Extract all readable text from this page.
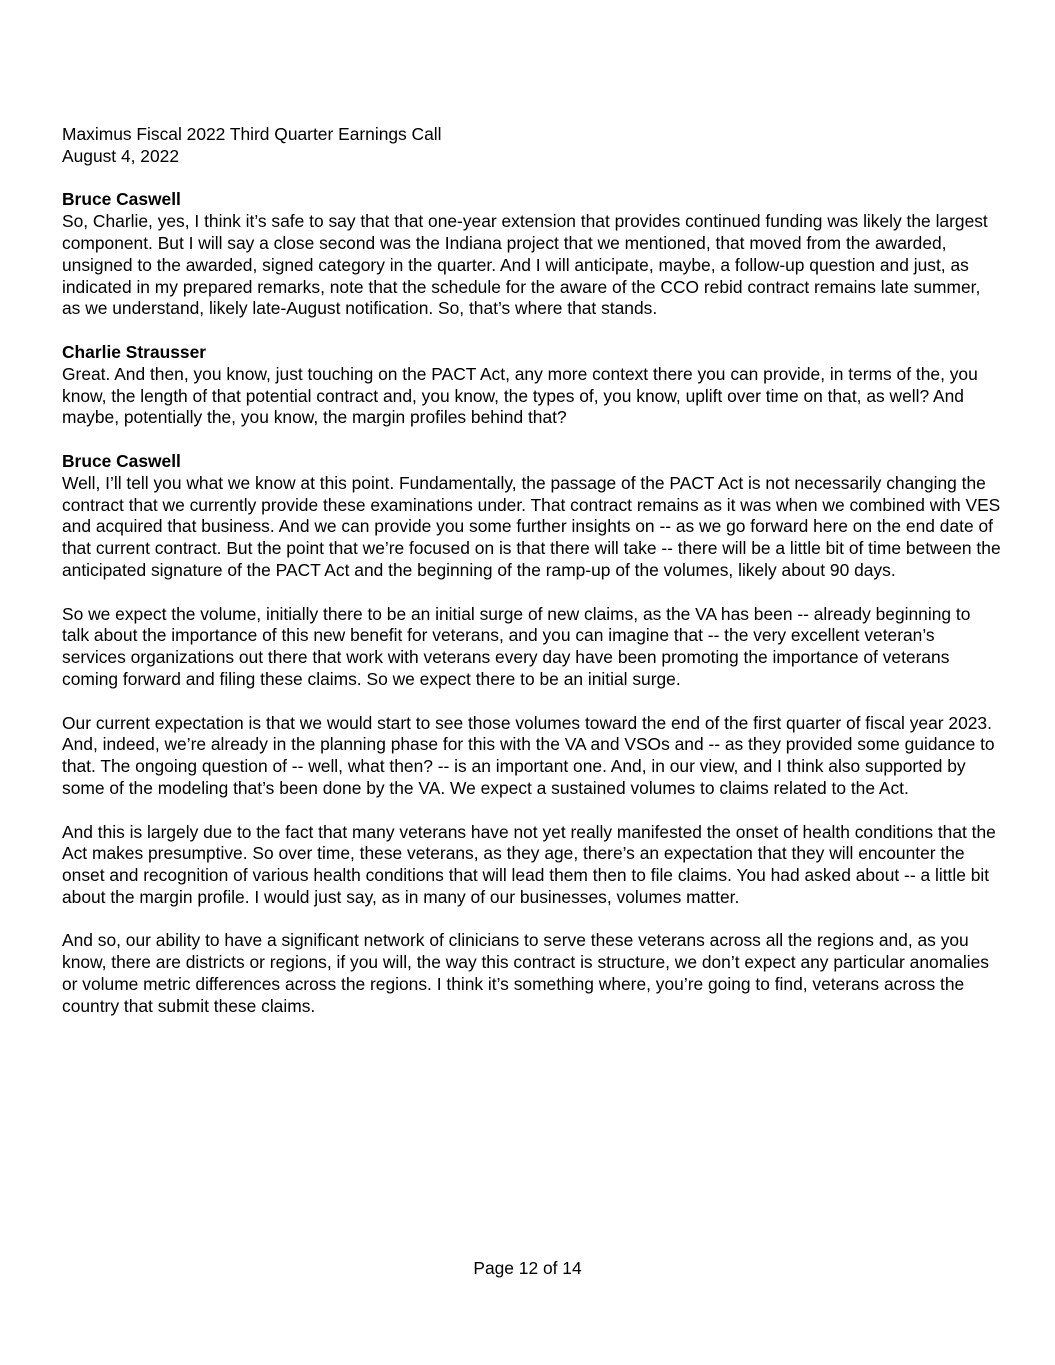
Maximus Fiscal 2022 Third Quarter Earnings Call
August 4, 2022
Bruce Caswell

So, Charlie, yes, I think it’s safe to say that that one-year extension that provides continued funding was likely the largest component. But I will say a close second was the Indiana project that we mentioned, that moved from the awarded, unsigned to the awarded, signed category in the quarter. And I will anticipate, maybe, a follow-up question and just, as indicated in my prepared remarks, note that the schedule for the aware of the CCO rebid contract remains late summer, as we understand, likely late-August notification. So, that’s where that stands.

Charlie Strausser

Great. And then, you know, just touching on the PACT Act, any more context there you can provide, in terms of the, you know, the length of that potential contract and, you know, the types of, you know, uplift over time on that, as well? And maybe, potentially the, you know, the margin profiles behind that?

Bruce Caswell

Well, I’ll tell you what we know at this point. Fundamentally, the passage of the PACT Act is not necessarily changing the contract that we currently provide these examinations under. That contract remains as it was when we combined with VES and acquired that business. And we can provide you some further insights on -- as we go forward here on the end date of that current contract. But the point that we’re focused on is that there will take -- there will be a little bit of time between the anticipated signature of the PACT Act and the beginning of the ramp-up of the volumes, likely about 90 days.

So we expect the volume, initially there to be an initial surge of new claims, as the VA has been -- already beginning to talk about the importance of this new benefit for veterans, and you can imagine that -- the very excellent veteran’s services organizations out there that work with veterans every day have been promoting the importance of veterans coming forward and filing these claims. So we expect there to be an initial surge.

Our current expectation is that we would start to see those volumes toward the end of the first quarter of fiscal year 2023. And, indeed, we’re already in the planning phase for this with the VA and VSOs and -- as they provided some guidance to that. The ongoing question of -- well, what then? -- is an important one. And, in our view, and I think also supported by some of the modeling that’s been done by the VA. We expect a sustained volumes to claims related to the Act.

And this is largely due to the fact that many veterans have not yet really manifested the onset of health conditions that the Act makes presumptive. So over time, these veterans, as they age, there’s an expectation that they will encounter the onset and recognition of various health conditions that will lead them then to file claims. You had asked about -- a little bit about the margin profile. I would just say, as in many of our businesses, volumes matter.

And so, our ability to have a significant network of clinicians to serve these veterans across all the regions and, as you know, there are districts or regions, if you will, the way this contract is structure, we don’t expect any particular anomalies or volume metric differences across the regions. I think it’s something where, you’re going to find, veterans across the country that submit these claims.

Page 12 of 14
